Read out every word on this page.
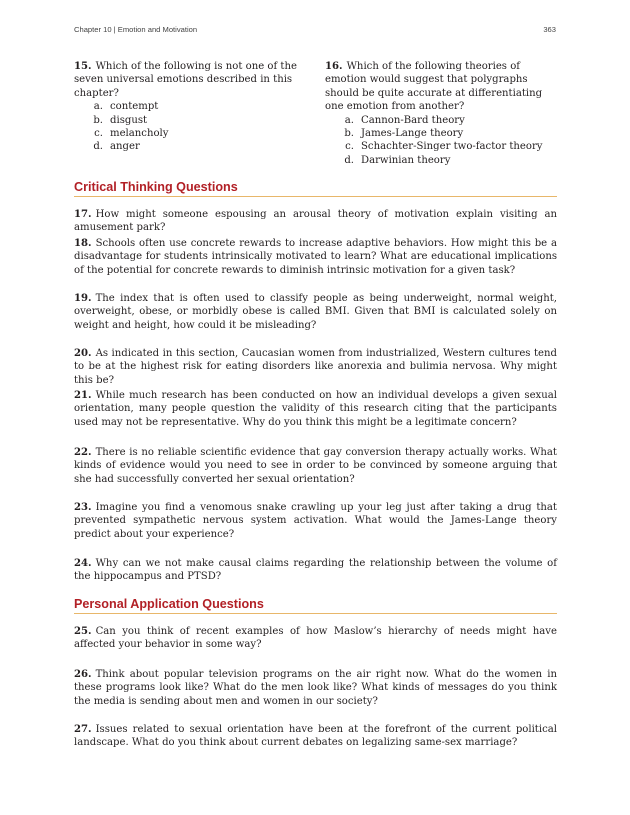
Chapter 10 | Emotion and Motivation	363
15. Which of the following is not one of the seven universal emotions described in this chapter?
a. contempt
b. disgust
c. melancholy
d. anger
16. Which of the following theories of emotion would suggest that polygraphs should be quite accurate at differentiating one emotion from another?
a. Cannon-Bard theory
b. James-Lange theory
c. Schachter-Singer two-factor theory
d. Darwinian theory
Critical Thinking Questions
17. How might someone espousing an arousal theory of motivation explain visiting an amusement park?
18. Schools often use concrete rewards to increase adaptive behaviors. How might this be a disadvantage for students intrinsically motivated to learn? What are educational implications of the potential for concrete rewards to diminish intrinsic motivation for a given task?
19. The index that is often used to classify people as being underweight, normal weight, overweight, obese, or morbidly obese is called BMI. Given that BMI is calculated solely on weight and height, how could it be misleading?
20. As indicated in this section, Caucasian women from industrialized, Western cultures tend to be at the highest risk for eating disorders like anorexia and bulimia nervosa. Why might this be?
21. While much research has been conducted on how an individual develops a given sexual orientation, many people question the validity of this research citing that the participants used may not be representative. Why do you think this might be a legitimate concern?
22. There is no reliable scientific evidence that gay conversion therapy actually works. What kinds of evidence would you need to see in order to be convinced by someone arguing that she had successfully converted her sexual orientation?
23. Imagine you find a venomous snake crawling up your leg just after taking a drug that prevented sympathetic nervous system activation. What would the James-Lange theory predict about your experience?
24. Why can we not make causal claims regarding the relationship between the volume of the hippocampus and PTSD?
Personal Application Questions
25. Can you think of recent examples of how Maslow’s hierarchy of needs might have affected your behavior in some way?
26. Think about popular television programs on the air right now. What do the women in these programs look like? What do the men look like? What kinds of messages do you think the media is sending about men and women in our society?
27. Issues related to sexual orientation have been at the forefront of the current political landscape. What do you think about current debates on legalizing same-sex marriage?
